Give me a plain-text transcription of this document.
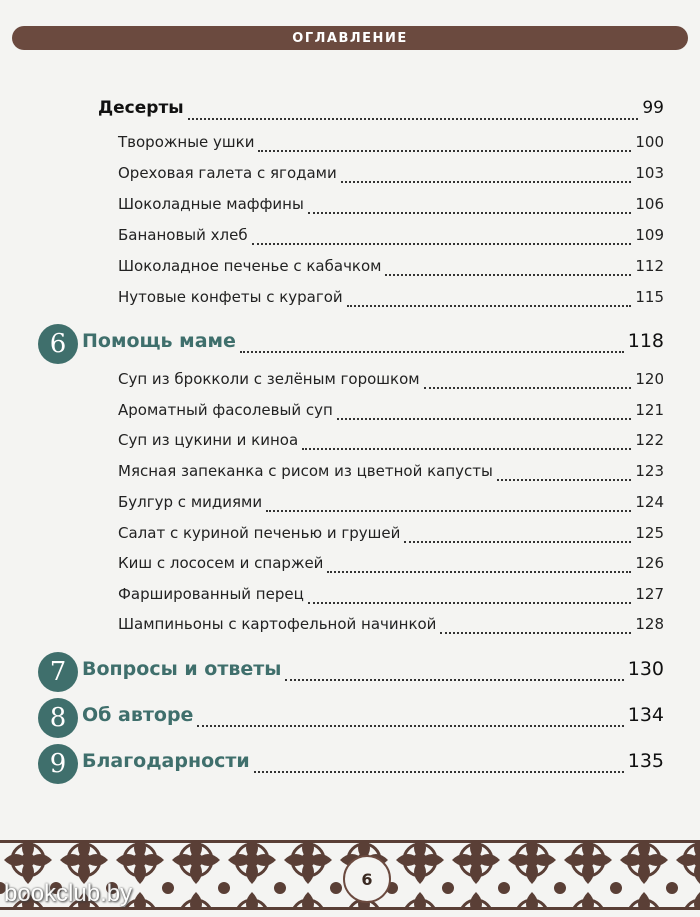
ОГЛАВЛЕНИЕ
Десерты	99
Творожные ушки	100
Ореховая галета с ягодами	103
Шоколадные маффины	106
Банановый хлеб	109
Шоколадное печенье с кабачком	112
Нутовые конфеты с курагой	115
6 Помощь маме	118
Суп из брокколи с зелёным горошком	120
Ароматный фасолевый суп	121
Суп из цукини и киноа	122
Мясная запеканка с рисом из цветной капусты	123
Булгур с мидиями	124
Салат с куриной печенью и грушей	125
Киш с лососем и спаржей	126
Фаршированный перец	127
Шампиньоны с картофельной начинкой	128
7 Вопросы и ответы	130
8 Об авторе	134
9 Благодарности	135
6
bookclub.by
